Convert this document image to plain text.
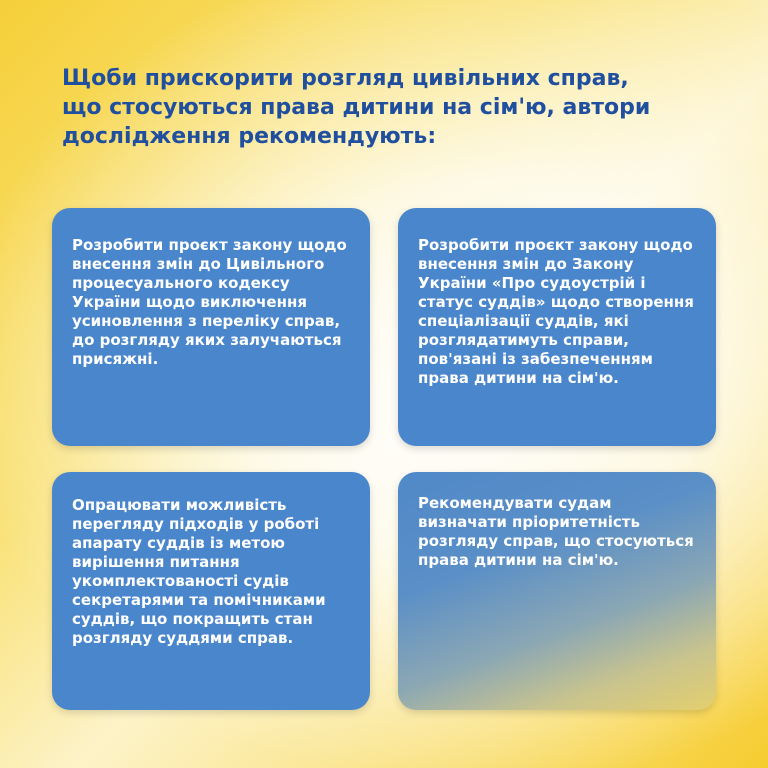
Щоби прискорити розгляд цивільних справ, що стосуються права дитини на сім'ю, автори дослідження рекомендують:

Розробити проєкт закону щодо внесення змін до Цивільного процесуального кодексу України щодо виключення усиновлення з переліку справ, до розгляду яких залучаються присяжні.

Розробити проєкт закону щодо внесення змін до Закону України «Про судоустрій і статус суддів» щодо створення спеціалізації суддів, які розглядатимуть справи, пов'язані із забезпеченням права дитини на сім'ю.

Опрацювати можливість перегляду підходів у роботі апарату суддів із метою вирішення питання укомплектованості судів секретарями та помічниками суддів, що покращить стан розгляду суддями справ.

Рекомендувати судам визначати пріоритетність розгляду справ, що стосуються права дитини на сім'ю.
